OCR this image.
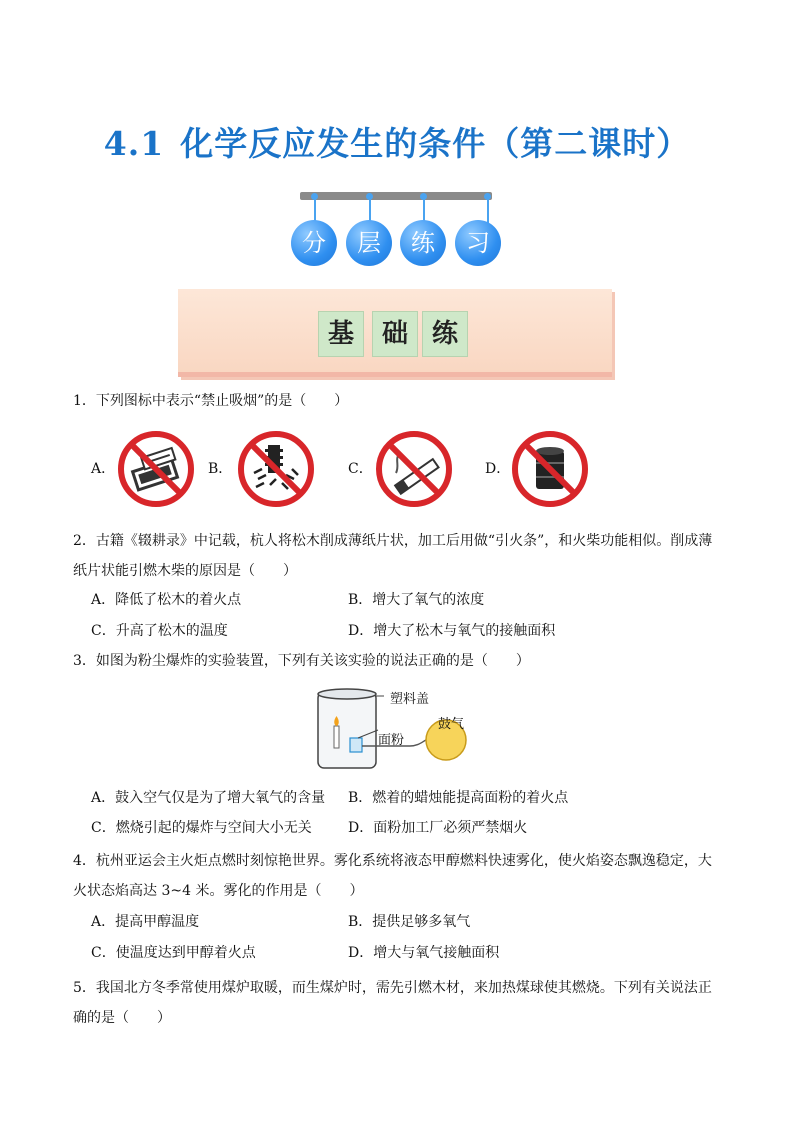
4.1 化学反应发生的条件（第二课时）
分	层	练	习
基	础 练
1．下列图标中表示“禁止吸烟”的是（　　）
A．	B．	C．	D．
2．古籍《辍耕录》中记载，杭人将松木削成薄纸片状，加工后用做“引火条”，和火柴功能相似。削成薄纸片状能引燃木柴的原因是（　　）
A．降低了松木的着火点	B．增大了氧气的浓度
C．升高了松木的温度	D．增大了松木与氧气的接触面积
3．如图为粉尘爆炸的实验装置，下列有关该实验的说法正确的是（　　）
塑料盖
鼓气
面粉
A．鼓入空气仅是为了增大氧气的含量 B．燃着的蜡烛能提高面粉的着火点
C．燃烧引起的爆炸与空间大小无关	D．面粉加工厂必须严禁烟火
4．杭州亚运会主火炬点燃时刻惊艳世界。雾化系统将液态甲醇燃料快速雾化，使火焰姿态飘逸稳定，大火状态焰高达 3~4 米。雾化的作用是（　　）
A．提高甲醇温度	B．提供足够多氧气
C．使温度达到甲醇着火点	D．增大与氧气接触面积
5．我国北方冬季常使用煤炉取暖，而生煤炉时，需先引燃木材，来加热煤球使其燃烧。下列有关说法正确的是（　　）
